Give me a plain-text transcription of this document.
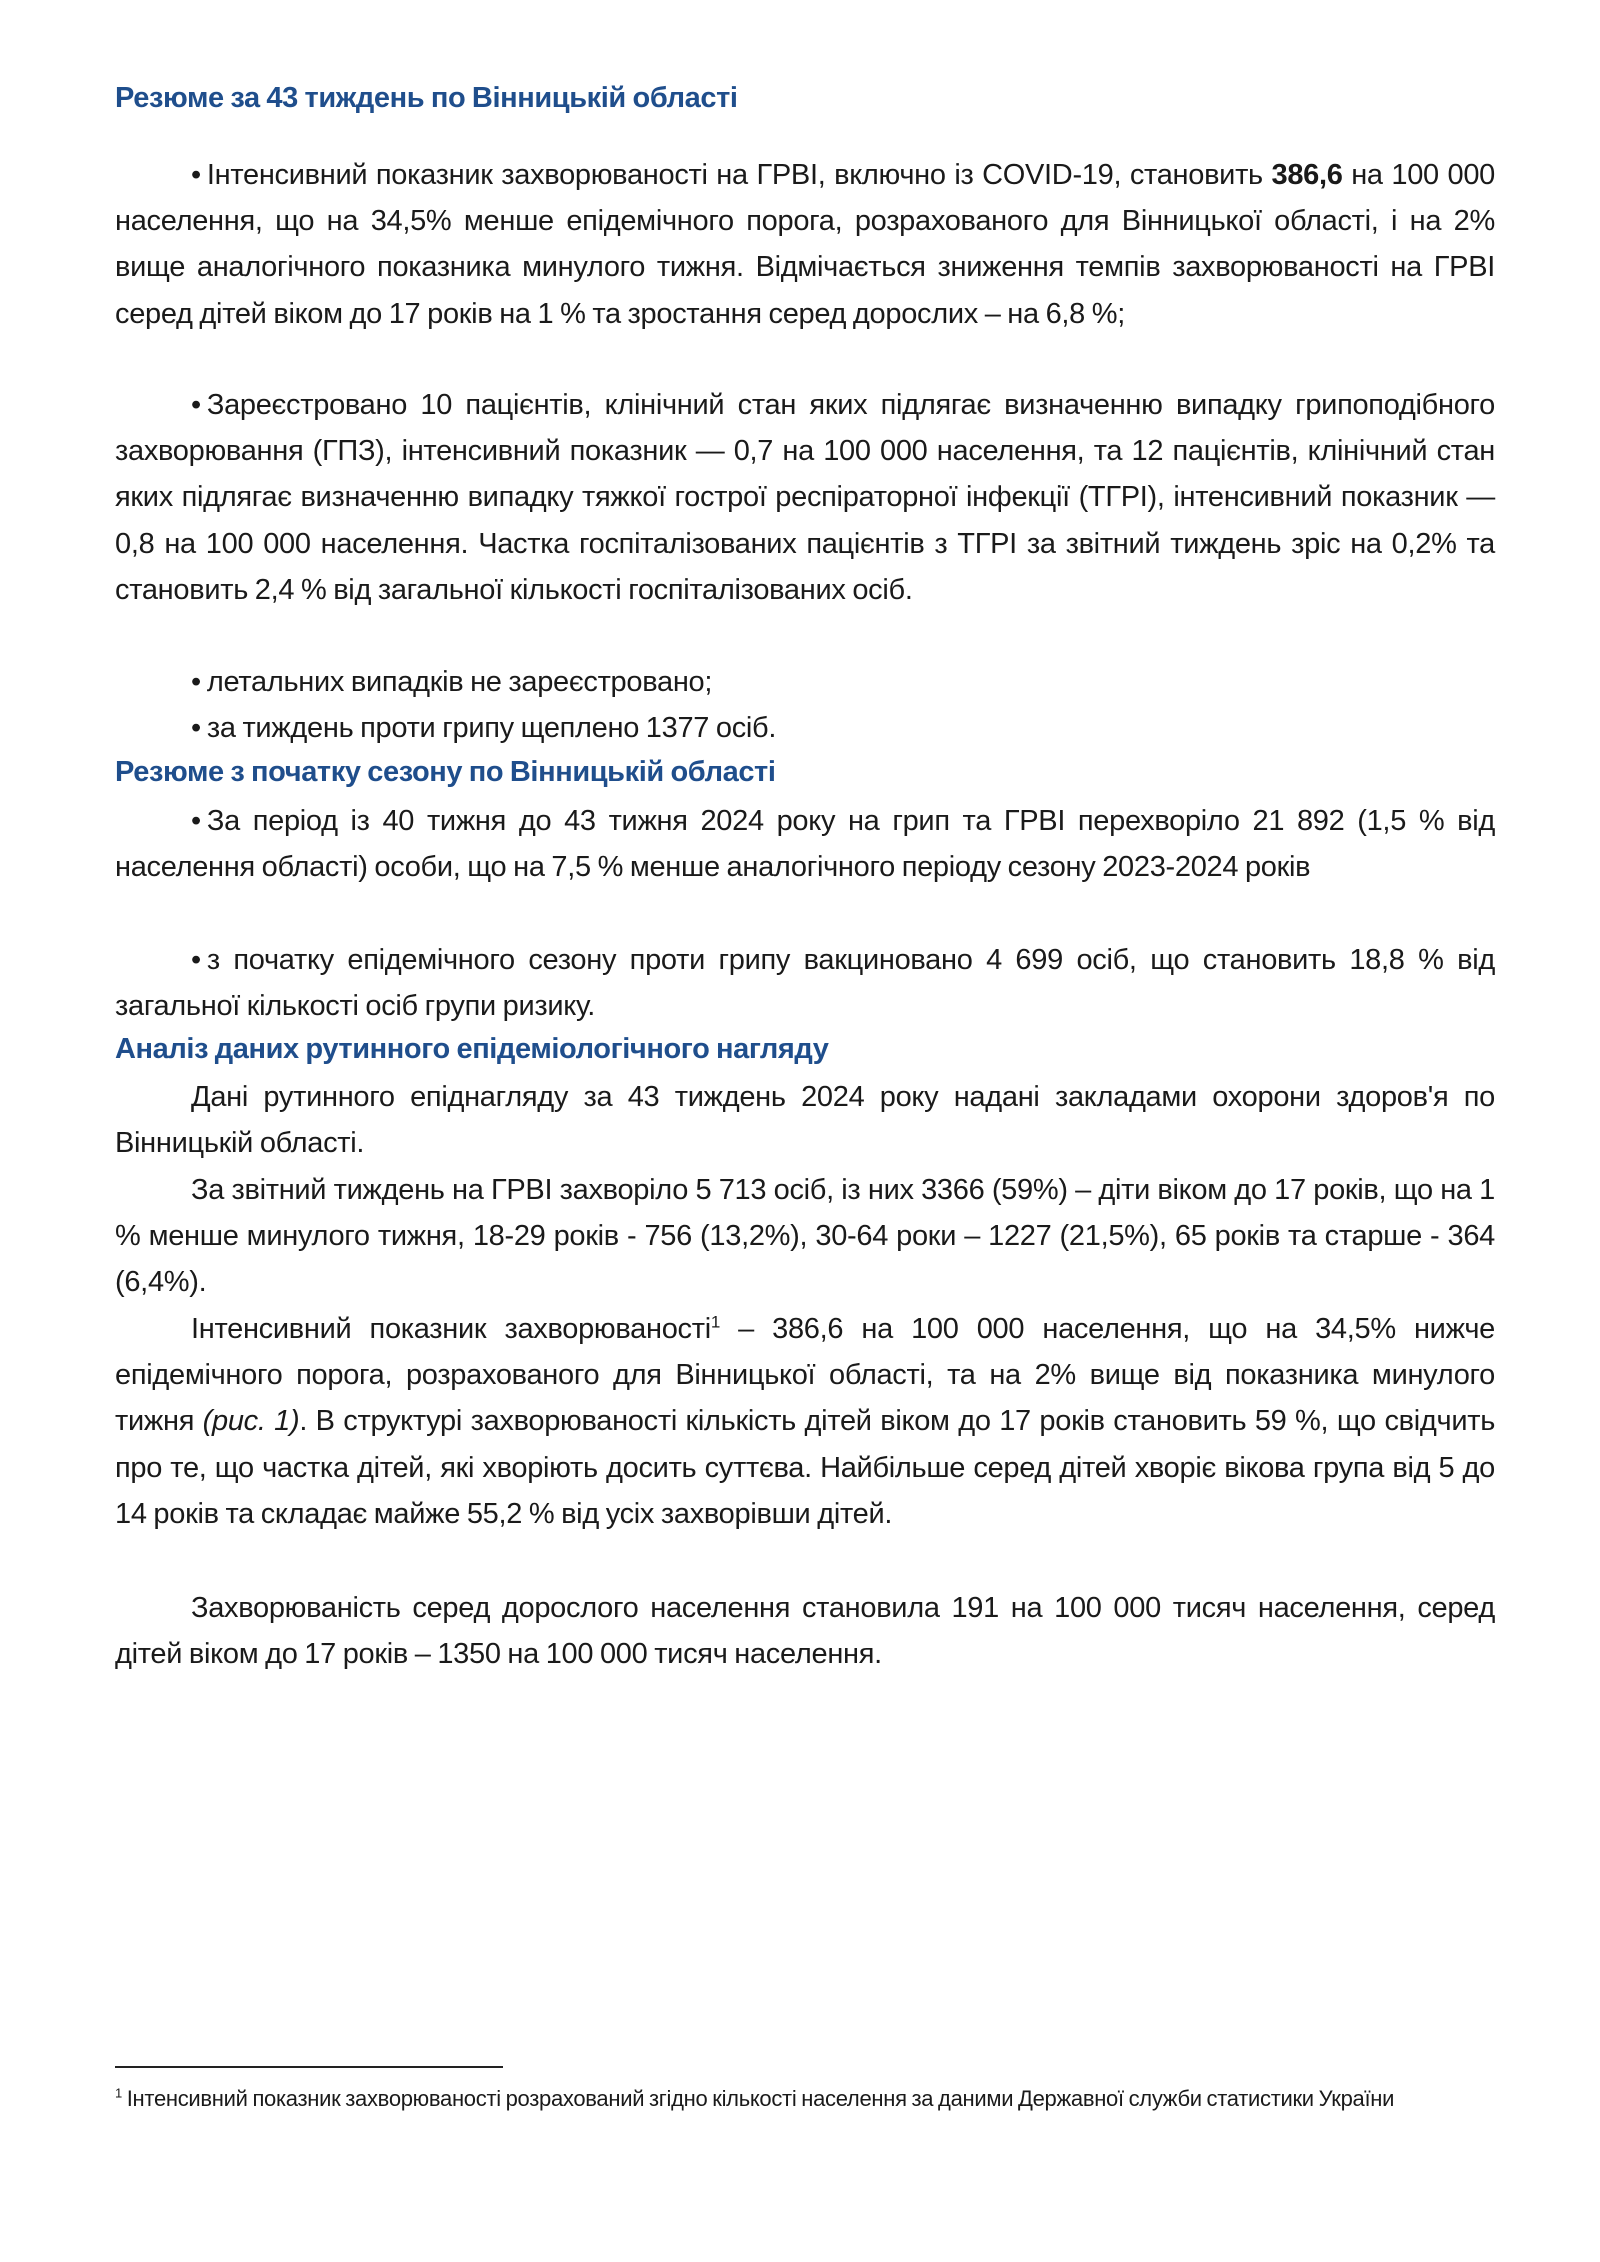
Резюме за 43 тиждень по Вінницькій області

• Інтенсивний показник захворюваності на ГРВІ, включно із COVID-19, становить 386,6 на 100 000 населення, що на 34,5% менше епідемічного порога, розрахованого для Вінницької області, і на 2% вище аналогічного показника минулого тижня. Відмічається зниження темпів захворюваності на ГРВІ серед дітей віком до 17 років на 1 % та зростання серед дорослих – на 6,8 %;

• Зареєстровано 10 пацієнтів, клінічний стан яких підлягає визначенню випадку грипоподібного захворювання (ГПЗ), інтенсивний показник — 0,7 на 100 000 населення, та 12 пацієнтів, клінічний стан яких підлягає визначенню випадку тяжкої гострої респіраторної інфекції (ТГРІ), інтенсивний показник — 0,8 на 100 000 населення. Частка госпіталізованих пацієнтів з ТГРІ за звітний тиждень зріс на 0,2% та становить 2,4 % від загальної кількості госпіталізованих осіб.

• летальних випадків не зареєстровано;

• за тиждень проти грипу щеплено 1377 осіб.

Резюме з початку сезону по Вінницькій області

• За період із 40 тижня до 43 тижня 2024 року на грип та ГРВІ перехворіло 21 892 (1,5 % від населення області) особи, що на 7,5 % менше аналогічного періоду сезону 2023-2024 років

• з початку епідемічного сезону проти грипу вакциновано 4 699 осіб, що становить 18,8 % від загальної кількості осіб групи ризику.

Аналіз даних рутинного епідеміологічного нагляду

Дані рутинного епіднагляду за 43 тиждень 2024 року надані закладами охорони здоров'я по Вінницькій області.

За звітний тиждень на ГРВІ захворіло 5 713 осіб, із них 3366 (59%) – діти віком до 17 років, що на 1 % менше минулого тижня, 18-29 років - 756 (13,2%), 30-64 роки – 1227 (21,5%), 65 років та старше - 364 (6,4%).

Інтенсивний показник захворюваності$^1$ – 386,6 на 100 000 населення, що на 34,5% нижче епідемічного порога, розрахованого для Вінницької області, та на 2% вище від показника минулого тижня (рис. 1). В структурі захворюваності кількість дітей віком до 17 років становить 59 %, що свідчить про те, що частка дітей, які хворіють досить суттєва. Найбільше серед дітей хворіє вікова група від 5 до 14 років та складає майже 55,2 % від усіх захворівши дітей.

Захворюваність серед дорослого населення становила 191 на 100 000 тисяч населення, серед дітей віком до 17 років – 1350 на 100 000 тисяч населення.

$^1$ Інтенсивний показник захворюваності розрахований згідно кількості населення за даними Державної служби статистики України
